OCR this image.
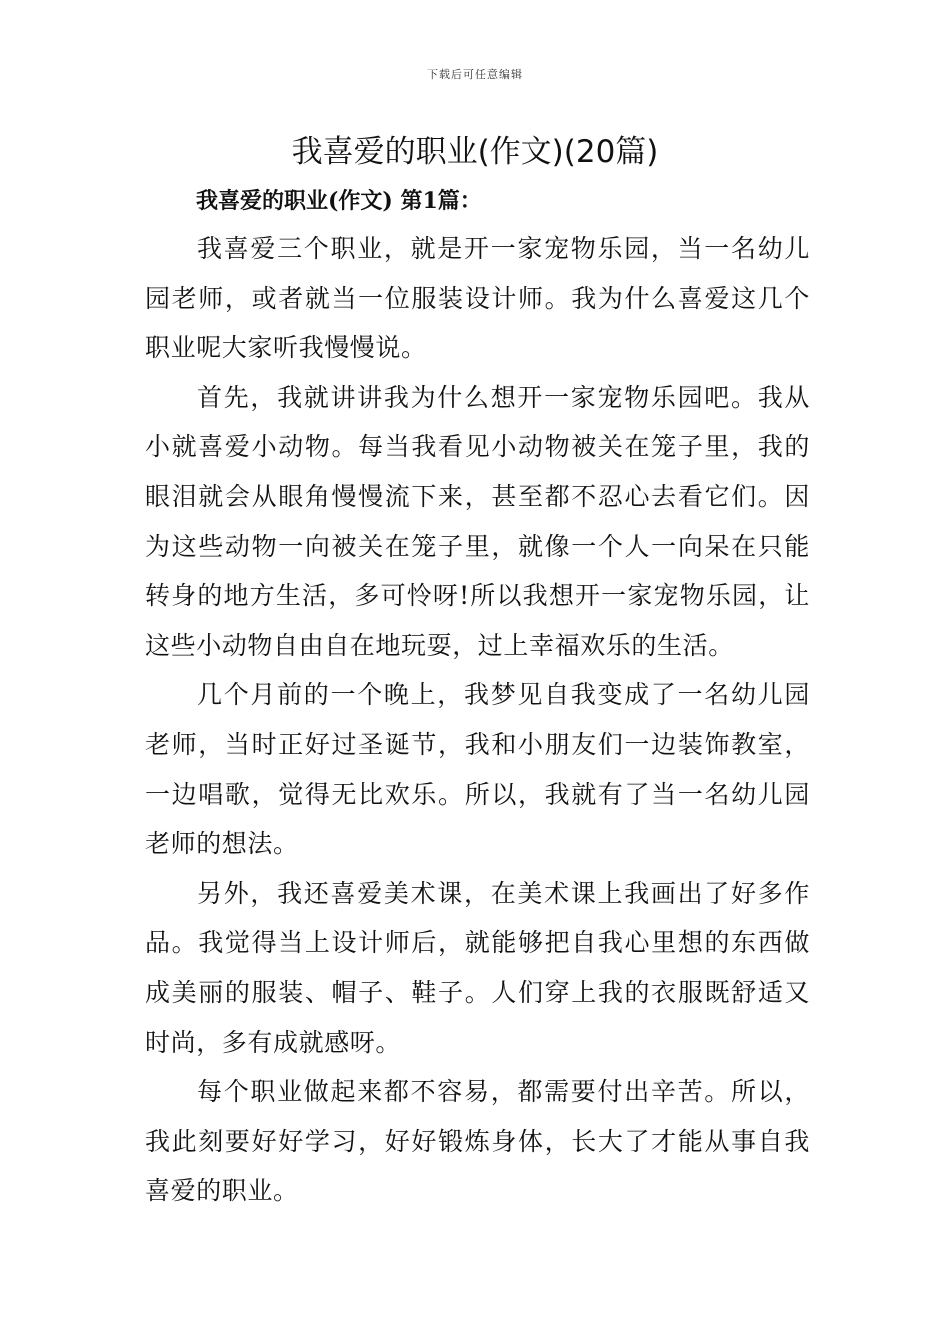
下载后可任意编辑
我喜爱的职业(作文)(20篇)
我喜爱的职业(作文) 第1篇：

我喜爱三个职业，就是开一家宠物乐园，当一名幼儿园老师，或者就当一位服装设计师。我为什么喜爱这几个职业呢大家听我慢慢说。

首先，我就讲讲我为什么想开一家宠物乐园吧。我从小就喜爱小动物。每当我看见小动物被关在笼子里，我的眼泪就会从眼角慢慢流下来，甚至都不忍心去看它们。因为这些动物一向被关在笼子里，就像一个人一向呆在只能转身的地方生活，多可怜呀!所以我想开一家宠物乐园，让这些小动物自由自在地玩耍，过上幸福欢乐的生活。

几个月前的一个晚上，我梦见自我变成了一名幼儿园老师，当时正好过圣诞节，我和小朋友们一边装饰教室，一边唱歌，觉得无比欢乐。所以，我就有了当一名幼儿园老师的想法。

另外，我还喜爱美术课，在美术课上我画出了好多作品。我觉得当上设计师后，就能够把自我心里想的东西做成美丽的服装、帽子、鞋子。人们穿上我的衣服既舒适又时尚，多有成就感呀。

每个职业做起来都不容易，都需要付出辛苦。所以，我此刻要好好学习，好好锻炼身体，长大了才能从事自我喜爱的职业。
